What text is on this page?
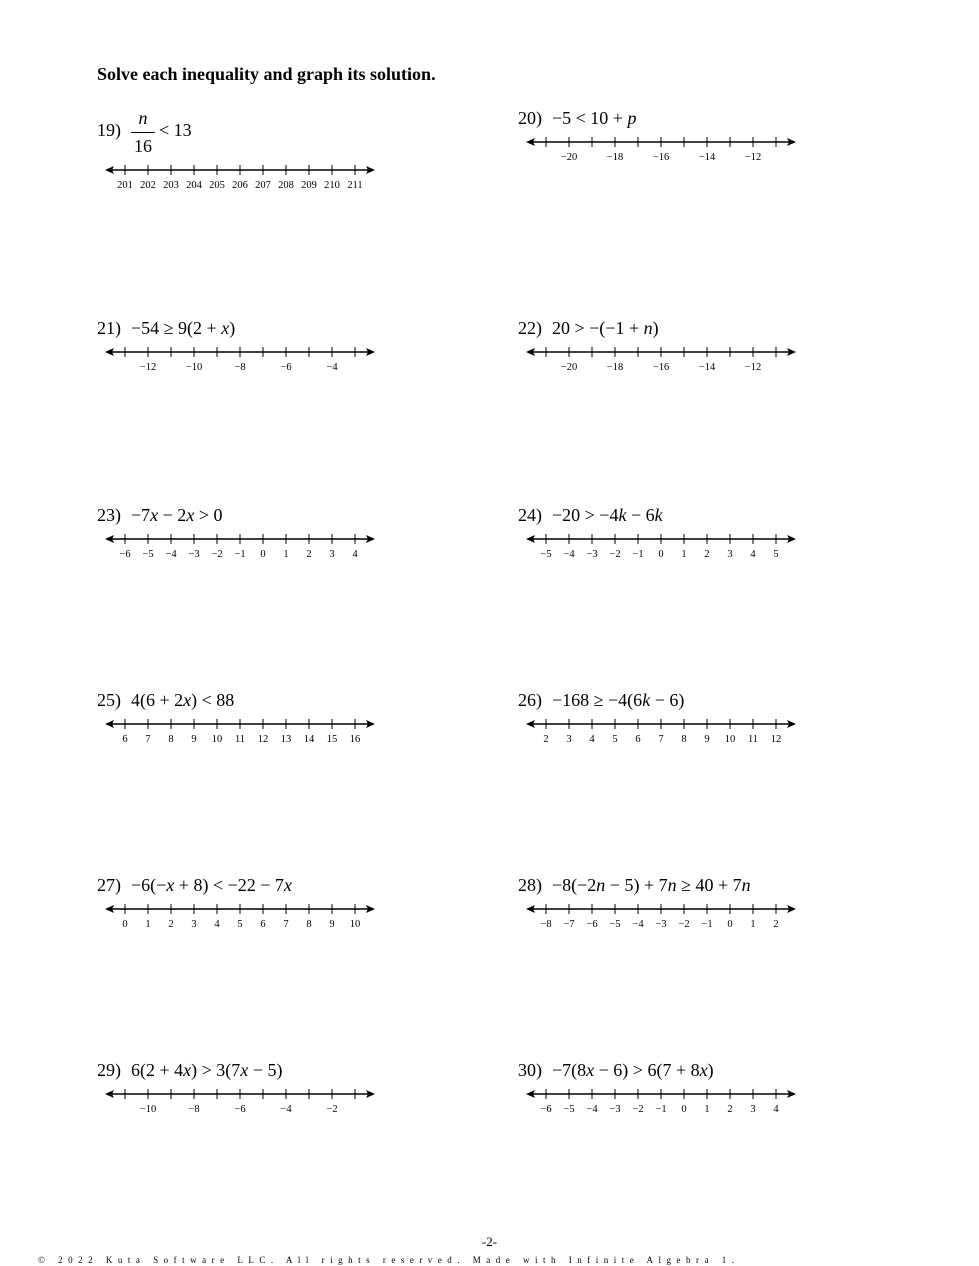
Solve each inequality and graph its solution.
19)
n
16
< 13
201 202 203 204 205 206 207 208 209 210 211
20) −5 < 10 + p
−20	−18	−16	−14	−12
21) −54 ≥ 9(2 + x)
−12	−10	−8	−6	−4
22) 20 > −(−1 + n)
−20	−18	−16	−14	−12
23) −7x − 2x > 0
−6 −5 −4 −3 −2 −1 0 1 2 3 4
24) −20 > −4k − 6k
−5 −4 −3 −2 −1 0 1 2 3 4 5
25) 4(6 + 2x) < 88
6 7 8 9 10 11 12 13 14 15 16
26) −168 ≥ −4(6k − 6)
2 3 4 5 6 7 8 9 10 11 12
27) −6(−x + 8) < −22 − 7x
0 1 2 3 4 5 6 7 8 9 10
28) −8(−2n − 5) + 7n ≥ 40 + 7n
−8 −7 −6 −5 −4 −3 −2 −1 0 1 2
29) 6(2 + 4x) > 3(7x − 5)
−10	−8	−6	−4	−2
30) −7(8x − 6) > 6(7 + 8x)
−6 −5 −4 −3 −2 −1 0 1 2 3 4
-2-
© 2022 Kuta Software LLC. All rights reserved. Made with Infinite Algebra 1.
